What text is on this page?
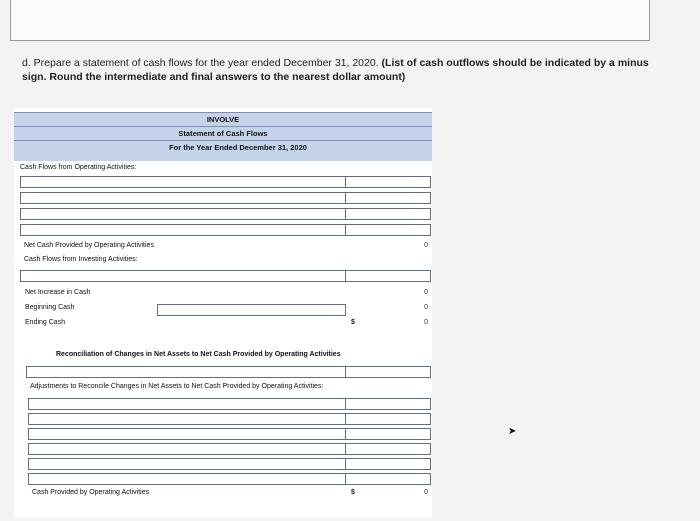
d. Prepare a statement of cash flows for the year ended December 31, 2020. (List of cash outflows should be indicated by a minus sign. Round the intermediate and final answers to the nearest dollar amount)
INVOLVE
Statement of Cash Flows
For the Year Ended December 31, 2020
Cash Flows from Operating Activities:
Net Cash Provided by Operating Activities	0
Cash Flows from Investing Activities:
Net Increase in Cash	0
Beginning Cash	0
Ending Cash	$	0
Reconciliation of Changes in Net Assets to Net Cash Provided by Operating Activities
Adjustments to Reconcile Changes in Net Assets to Net Cash Provided by Operating Activities:
Cash Provided by Operating Activities	$	0
➤
